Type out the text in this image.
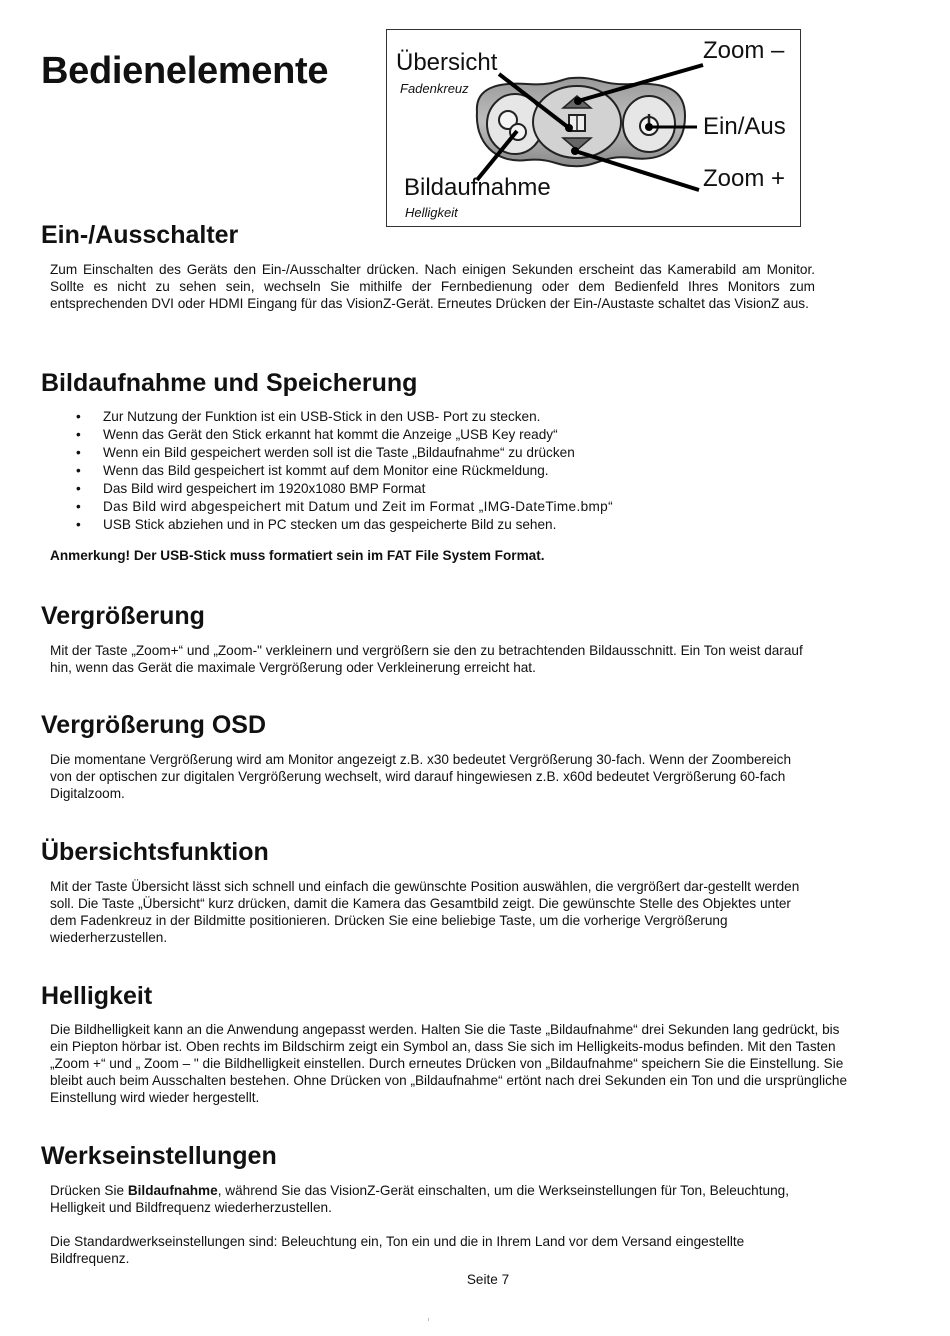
Bedienelemente	Übersicht
Fadenkreuz
Zoom –
Ein/Aus
Bildaufnahme
Helligkeit
Zoom +
Ein-/Ausschalter

Zum Einschalten des Geräts den Ein-/Ausschalter drücken. Nach einigen Sekunden erscheint das Kamerabild am Monitor. Sollte es nicht zu sehen sein, wechseln Sie mithilfe der Fernbedienung oder dem Bedienfeld Ihres Monitors zum entsprechenden DVI oder HDMI Eingang für das VisionZ-Gerät. Erneutes Drücken der Ein-/Austaste schaltet das VisionZ aus.

Bildaufnahme und Speicherung
• Zur Nutzung der Funktion ist ein USB-Stick in den USB- Port zu stecken.
• Wenn das Gerät den Stick erkannt hat kommt die Anzeige „USB Key ready“
• Wenn ein Bild gespeichert werden soll ist die Taste „Bildaufnahme“ zu drücken
• Wenn das Bild gespeichert ist kommt auf dem Monitor eine Rückmeldung.
• Das Bild wird gespeichert im 1920x1080 BMP Format
• Das Bild wird abgespeichert mit Datum und Zeit im Format „IMG-DateTime.bmp“
• USB Stick abziehen und in PC stecken um das gespeicherte Bild zu sehen.

Anmerkung! Der USB-Stick muss formatiert sein im FAT File System Format.

Vergrößerung

Mit der Taste „Zoom+“ und „Zoom-" verkleinern und vergrößern sie den zu betrachtenden Bildausschnitt. Ein Ton weist darauf hin, wenn das Gerät die maximale Vergrößerung oder Verkleinerung erreicht hat.

Vergrößerung OSD

Die momentane Vergrößerung wird am Monitor angezeigt z.B. x30 bedeutet Vergrößerung 30-fach. Wenn der Zoombereich von der optischen zur digitalen Vergrößerung wechselt, wird darauf hingewiesen z.B. x60d bedeutet Vergrößerung 60-fach Digitalzoom.

Übersichtsfunktion

Mit der Taste Übersicht lässt sich schnell und einfach die gewünschte Position auswählen, die vergrößert dar-gestellt werden soll. Die Taste „Übersicht“ kurz drücken, damit die Kamera das Gesamtbild zeigt. Die gewünschte Stelle des Objektes unter dem Fadenkreuz in der Bildmitte positionieren. Drücken Sie eine beliebige Taste, um die vorherige Vergrößerung wiederherzustellen.

Helligkeit

Die Bildhelligkeit kann an die Anwendung angepasst werden. Halten Sie die Taste „Bildaufnahme“ drei Sekunden lang gedrückt, bis ein Piepton hörbar ist. Oben rechts im Bildschirm zeigt ein Symbol an, dass Sie sich im Helligkeits-modus befinden. Mit den Tasten „Zoom +“ und „ Zoom – " die Bildhelligkeit einstellen. Durch erneutes Drücken von „Bildaufnahme“ speichern Sie die Einstellung. Sie bleibt auch beim Ausschalten bestehen. Ohne Drücken von „Bildaufnahme“ ertönt nach drei Sekunden ein Ton und die ursprüngliche Einstellung wird wieder hergestellt.

Werkseinstellungen

Drücken Sie Bildaufnahme, während Sie das VisionZ-Gerät einschalten, um die Werkseinstellungen für Ton, Beleuchtung, Helligkeit und Bildfrequenz wiederherzustellen.

Die Standardwerkseinstellungen sind: Beleuchtung ein, Ton ein und die in Ihrem Land vor dem Versand eingestellte Bildfrequenz.

Seite 7
